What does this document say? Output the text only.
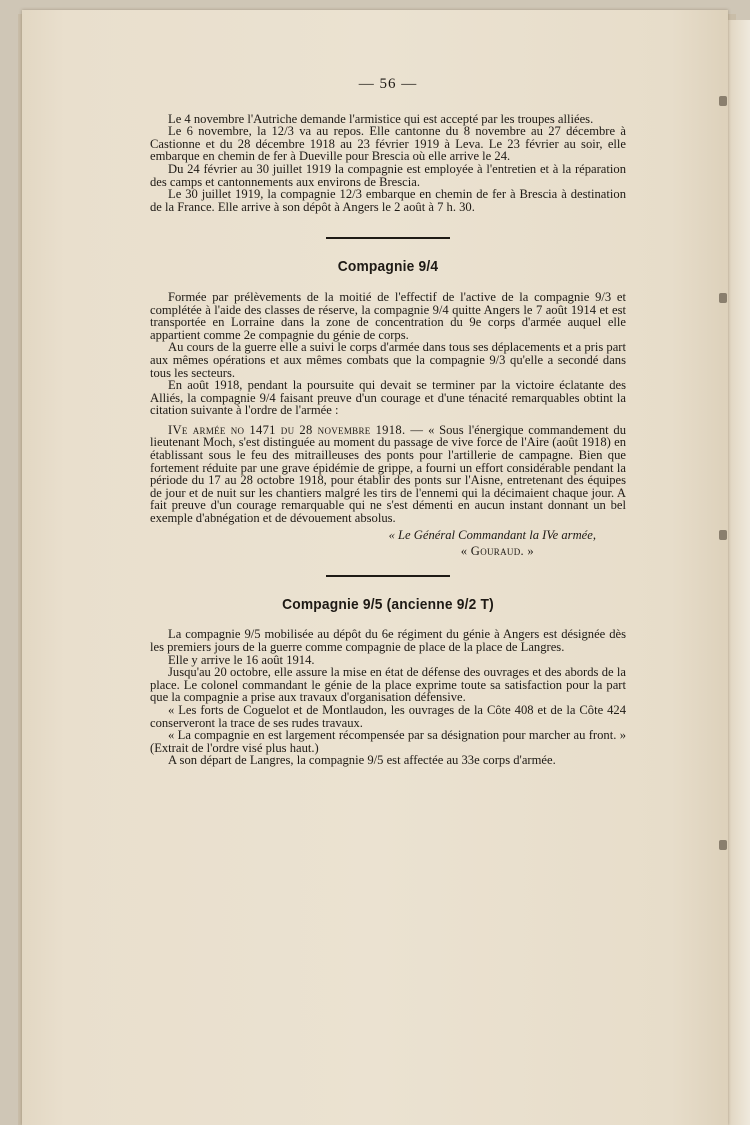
— 56 —

Le 4 novembre l'Autriche demande l'armistice qui est accepté par les troupes alliées.

Le 6 novembre, la 12/3 va au repos. Elle cantonne du 8 novembre au 27 décembre à Castionne et du 28 décembre 1918 au 23 février 1919 à Leva. Le 23 février au soir, elle embarque en chemin de fer à Dueville pour Brescia où elle arrive le 24.

Du 24 février au 30 juillet 1919 la compagnie est employée à l'entretien et à la réparation des camps et cantonnements aux environs de Brescia.

Le 30 juillet 1919, la compagnie 12/3 embarque en chemin de fer à Brescia à destination de la France. Elle arrive à son dépôt à Angers le 2 août à 7 h. 30.

Compagnie 9/4

Formée par prélèvements de la moitié de l'effectif de l'active de la compagnie 9/3 et complétée à l'aide des classes de réserve, la compagnie 9/4 quitte Angers le 7 août 1914 et est transportée en Lorraine dans la zone de concentration du 9e corps d'armée auquel elle appartient comme 2e compagnie du génie de corps.

Au cours de la guerre elle a suivi le corps d'armée dans tous ses déplacements et a pris part aux mêmes opérations et aux mêmes combats que la compagnie 9/3 qu'elle a secondé dans tous les secteurs.

En août 1918, pendant la poursuite qui devait se terminer par la victoire éclatante des Alliés, la compagnie 9/4 faisant preuve d'un courage et d'une ténacité remarquables obtint la citation suivante à l'ordre de l'armée :

IVe armée no 1471 du 28 novembre 1918. — « Sous l'énergique commandement du lieutenant Moch, s'est distinguée au moment du passage de vive force de l'Aire (août 1918) en établissant sous le feu des mitrailleuses des ponts pour l'artillerie de campagne. Bien que fortement réduite par une grave épidémie de grippe, a fourni un effort considérable pendant la période du 17 au 28 octobre 1918, pour établir des ponts sur l'Aisne, entretenant des équipes de jour et de nuit sur les chantiers malgré les tirs de l'ennemi qui la décimaient chaque jour. A fait preuve d'un courage remarquable qui ne s'est démenti en aucun instant donnant un bel exemple d'abnégation et de dévouement absolus.

« Le Général Commandant la IVe armée,

« Gouraud. »

Compagnie 9/5 (ancienne 9/2 T)

La compagnie 9/5 mobilisée au dépôt du 6e régiment du génie à Angers est désignée dès les premiers jours de la guerre comme compagnie de place de la place de Langres.

Elle y arrive le 16 août 1914.

Jusqu'au 20 octobre, elle assure la mise en état de défense des ouvrages et des abords de la place. Le colonel commandant le génie de la place exprime toute sa satisfaction pour la part que la compagnie a prise aux travaux d'organisation défensive.

« Les forts de Coguelot et de Montlaudon, les ouvrages de la Côte 408 et de la Côte 424 conserveront la trace de ses rudes travaux.

« La compagnie en est largement récompensée par sa désignation pour marcher au front. » (Extrait de l'ordre visé plus haut.)

A son départ de Langres, la compagnie 9/5 est affectée au 33e corps d'armée.
